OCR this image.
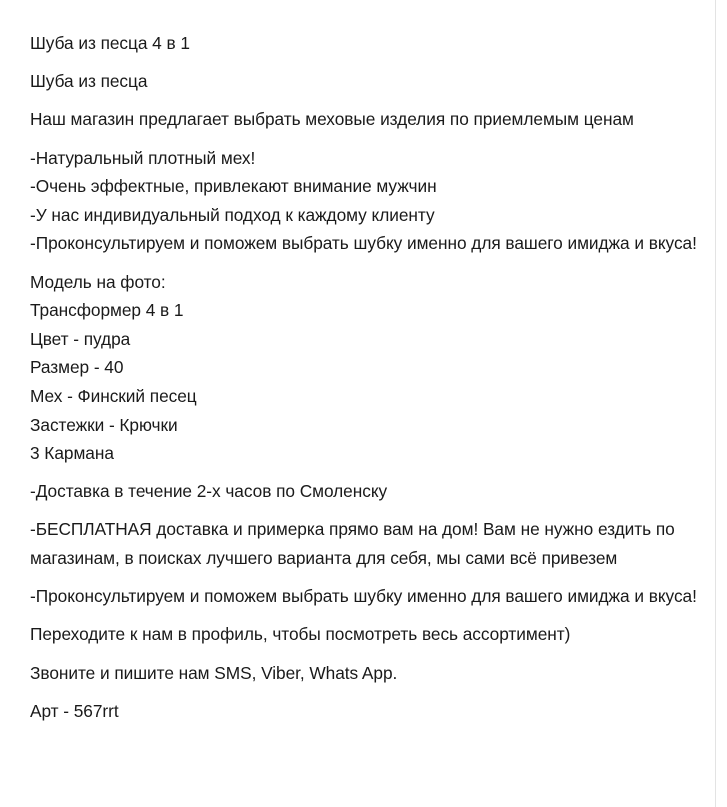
Шуба из песца 4 в 1

Шуба из песца

Наш магазин предлагает выбрать меховые изделия по приемлемым ценам

-Натуральный плотный мех!
-Очень эффектные, привлекают внимание мужчин
-У нас индивидуальный подход к каждому клиенту
-Проконсультируем и поможем выбрать шубку именно для вашего имиджа и вкуса!

Модель на фото:
Трансформер 4 в 1
Цвет - пудра
Размер - 40
Мех - Финский песец
Застежки - Крючки
3 Кармана

-Доставка в течение 2-х часов по Смоленску

-БЕСПЛАТНАЯ доставка и примерка прямо вам на дом! Вам не нужно ездить по магазинам, в поисках лучшего варианта для себя, мы сами всё привезем

-Проконсультируем и поможем выбрать шубку именно для вашего имиджа и вкуса!

Переходите к нам в профиль, чтобы посмотреть весь ассортимент)

Звоните и пишите нам SMS, Viber, Whats App.

Арт - 567rrt
